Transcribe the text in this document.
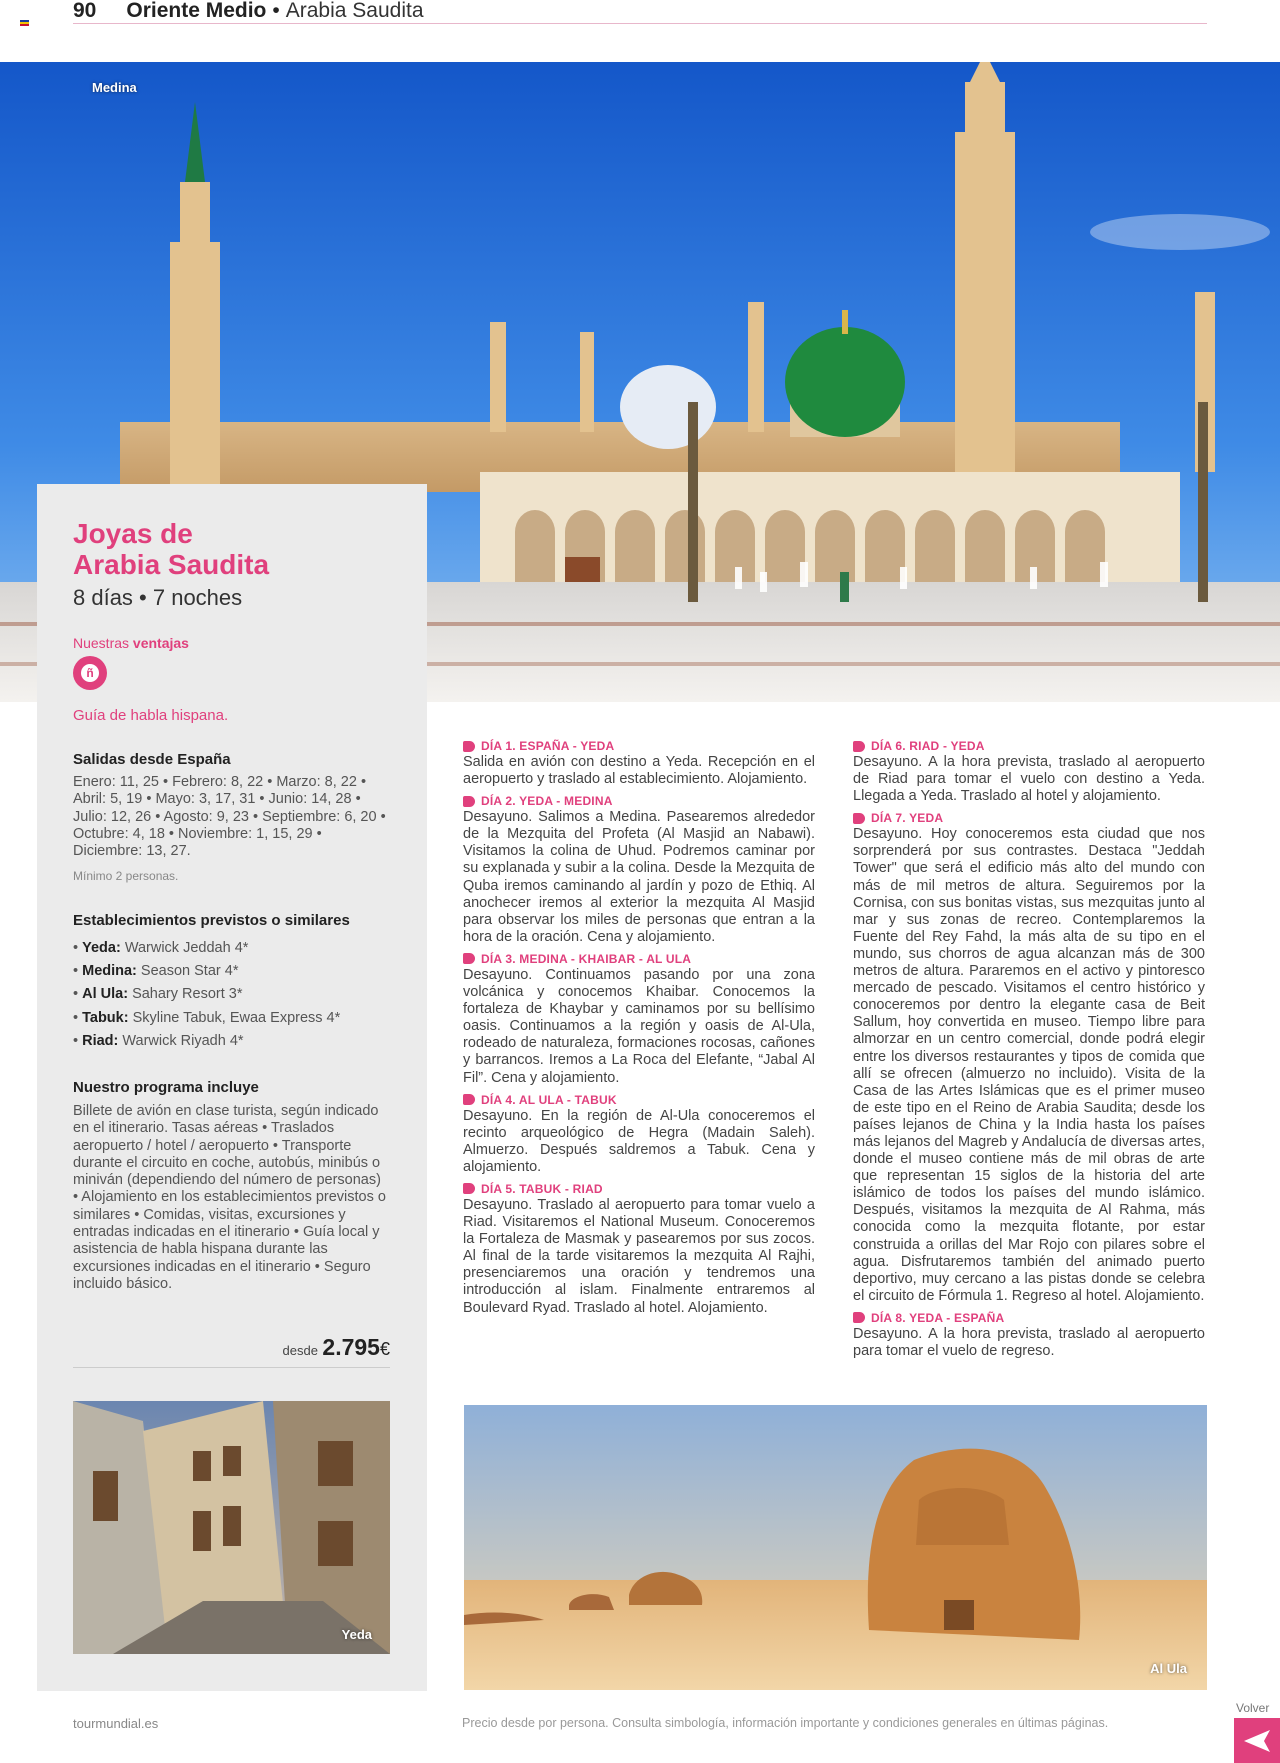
90 Oriente Medio • Arabia Saudita
Medina
Joyas de
Arabia Saudita
8 días • 7 noches
Nuestras ventajas
ñ
Guía de habla hispana.
Salidas desde España
Enero: 11, 25 • Febrero: 8, 22 • Marzo: 8, 22 • Abril: 5, 19 • Mayo: 3, 17, 31 • Junio: 14, 28 • Julio: 12, 26 • Agosto: 9, 23 • Septiembre: 6, 20 • Octubre: 4, 18 • Noviembre: 1, 15, 29 • Diciembre: 13, 27.
Mínimo 2 personas.
Establecimientos previstos o similares
• Yeda: Warwick Jeddah 4*
• Medina: Season Star 4*
• Al Ula: Sahary Resort 3*
• Tabuk: Skyline Tabuk, Ewaa Express 4*
• Riad: Warwick Riyadh 4*
Nuestro programa incluye
Billete de avión en clase turista, según indicado en el itinerario. Tasas aéreas • Traslados aeropuerto / hotel / aeropuerto • Transporte durante el circuito en coche, autobús, minibús o miniván (dependiendo del número de personas) • Alojamiento en los establecimientos previstos o similares • Comidas, visitas, excursiones y entradas indicadas en el itinerario • Guía local y asistencia de habla hispana durante las excursiones indicadas en el itinerario • Seguro incluido básico.
desde 2.795€
Yeda
DÍA 1. ESPAÑA - YEDA
Salida en avión con destino a Yeda. Recepción en el aeropuerto y traslado al establecimiento. Alojamiento.
DÍA 2. YEDA - MEDINA
Desayuno. Salimos a Medina. Pasearemos alrededor de la Mezquita del Profeta (Al Masjid an Nabawi). Visitamos la colina de Uhud. Podremos caminar por su explanada y subir a la colina. Desde la Mezquita de Quba iremos caminando al jardín y pozo de Ethiq. Al anochecer iremos al exterior la mezquita Al Masjid para observar los miles de personas que entran a la hora de la oración. Cena y alojamiento.
DÍA 3. MEDINA - KHAIBAR - AL ULA
Desayuno. Continuamos pasando por una zona volcánica y conocemos Khaibar. Conocemos la fortaleza de Khaybar y caminamos por su bellísimo oasis. Continuamos a la región y oasis de Al-Ula, rodeado de naturaleza, formaciones rocosas, cañones y barrancos. Iremos a La Roca del Elefante, “Jabal Al Fil”. Cena y alojamiento.
DÍA 4. AL ULA - TABUK
Desayuno. En la región de Al-Ula conoceremos el recinto arqueológico de Hegra (Madain Saleh). Almuerzo. Después saldremos a Tabuk. Cena y alojamiento.
DÍA 5. TABUK - RIAD
Desayuno. Traslado al aeropuerto para tomar vuelo a Riad. Visitaremos el National Museum. Conoceremos la Fortaleza de Masmak y pasearemos por sus zocos. Al final de la tarde visitaremos la mezquita Al Rajhi, presenciaremos una oración y tendremos una introducción al islam. Finalmente entraremos al Boulevard Ryad. Traslado al hotel. Alojamiento.
DÍA 6. RIAD - YEDA
Desayuno. A la hora prevista, traslado al aeropuerto de Riad para tomar el vuelo con destino a Yeda. Llegada a Yeda. Traslado al hotel y alojamiento.
DÍA 7. YEDA
Desayuno. Hoy conoceremos esta ciudad que nos sorprenderá por sus contrastes. Destaca "Jeddah Tower" que será el edificio más alto del mundo con más de mil metros de altura. Seguiremos por la Cornisa, con sus bonitas vistas, sus mezquitas junto al mar y sus zonas de recreo. Contemplaremos la Fuente del Rey Fahd, la más alta de su tipo en el mundo, sus chorros de agua alcanzan más de 300 metros de altura. Pararemos en el activo y pintoresco mercado de pescado. Visitamos el centro histórico y conoceremos por dentro la elegante casa de Beit Sallum, hoy convertida en museo. Tiempo libre para almorzar en un centro comercial, donde podrá elegir entre los diversos restaurantes y tipos de comida que allí se ofrecen (almuerzo no incluido). Visita de la Casa de las Artes Islámicas que es el primer museo de este tipo en el Reino de Arabia Saudita; desde los países lejanos de China y la India hasta los países más lejanos del Magreb y Andalucía de diversas artes, donde el museo contiene más de mil obras de arte que representan 15 siglos de la historia del arte islámico de todos los países del mundo islámico. Después, visitamos la mezquita de Al Rahma, más conocida como la mezquita flotante, por estar construida a orillas del Mar Rojo con pilares sobre el agua. Disfrutaremos también del animado puerto deportivo, muy cercano a las pistas donde se celebra el circuito de Fórmula 1. Regreso al hotel. Alojamiento.
DÍA 8. YEDA - ESPAÑA
Desayuno. A la hora prevista, traslado al aeropuerto para tomar el vuelo de regreso.
Al Ula
tourmundial.es	Precio desde por persona. Consulta simbología, información importante y condiciones generales en últimas páginas.
Volver
